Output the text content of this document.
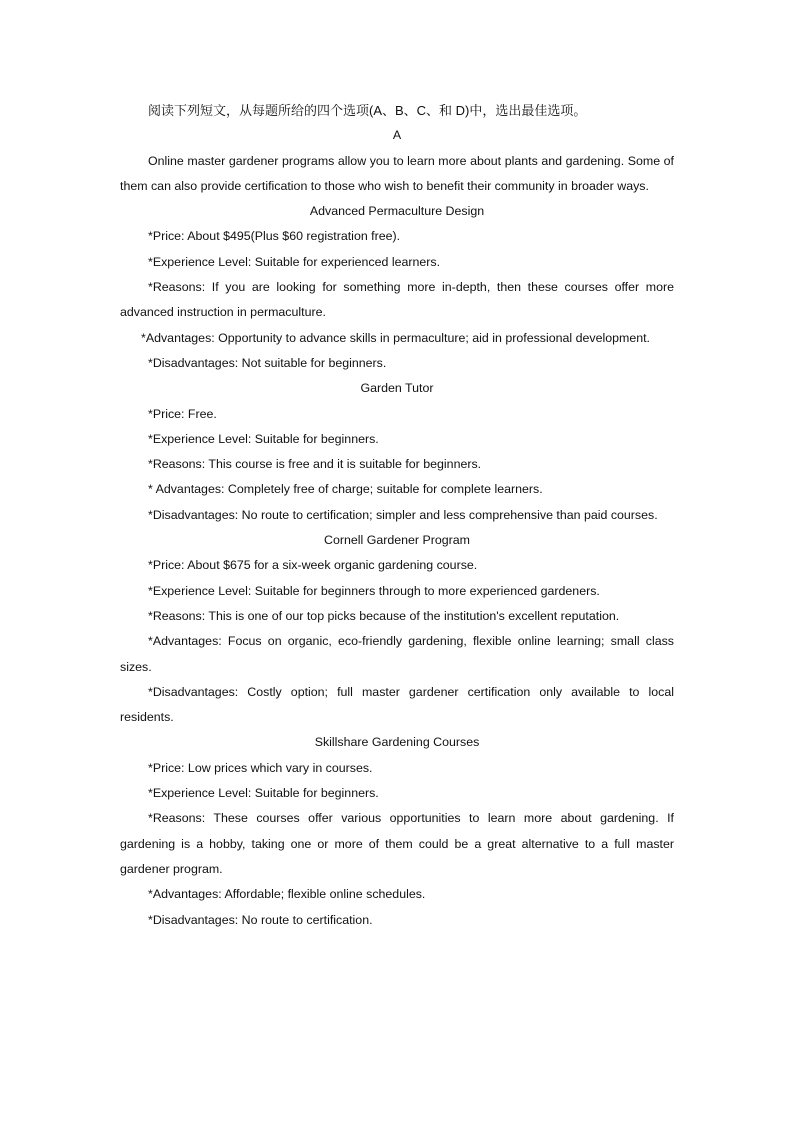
阅读下列短文，从每题所给的四个选项(A、B、C、和 D)中，选出最佳选项。

A

Online master gardener programs allow you to learn more about plants and gardening. Some of them can also provide certification to those who wish to benefit their community in broader ways.

Advanced Permaculture Design

*Price: About $495(Plus $60 registration free).

*Experience Level: Suitable for experienced learners.

*Reasons: If you are looking for something more in-depth, then these courses offer more advanced instruction in permaculture.

*Advantages: Opportunity to advance skills in permaculture; aid in professional development.

*Disadvantages: Not suitable for beginners.

Garden Tutor

*Price: Free.

*Experience Level: Suitable for beginners.

*Reasons: This course is free and it is suitable for beginners.

* Advantages: Completely free of charge; suitable for complete learners.

*Disadvantages: No route to certification; simpler and less comprehensive than paid courses.

Cornell Gardener Program

*Price: About $675 for a six-week organic gardening course.

*Experience Level: Suitable for beginners through to more experienced gardeners.

*Reasons: This is one of our top picks because of the institution's excellent reputation.

*Advantages: Focus on organic, eco-friendly gardening, flexible online learning; small class sizes.

*Disadvantages: Costly option; full master gardener certification only available to local residents.

Skillshare Gardening Courses

*Price: Low prices which vary in courses.

*Experience Level: Suitable for beginners.

*Reasons: These courses offer various opportunities to learn more about gardening. If gardening is a hobby, taking one or more of them could be a great alternative to a full master gardener program.

*Advantages: Affordable; flexible online schedules.

*Disadvantages: No route to certification.
